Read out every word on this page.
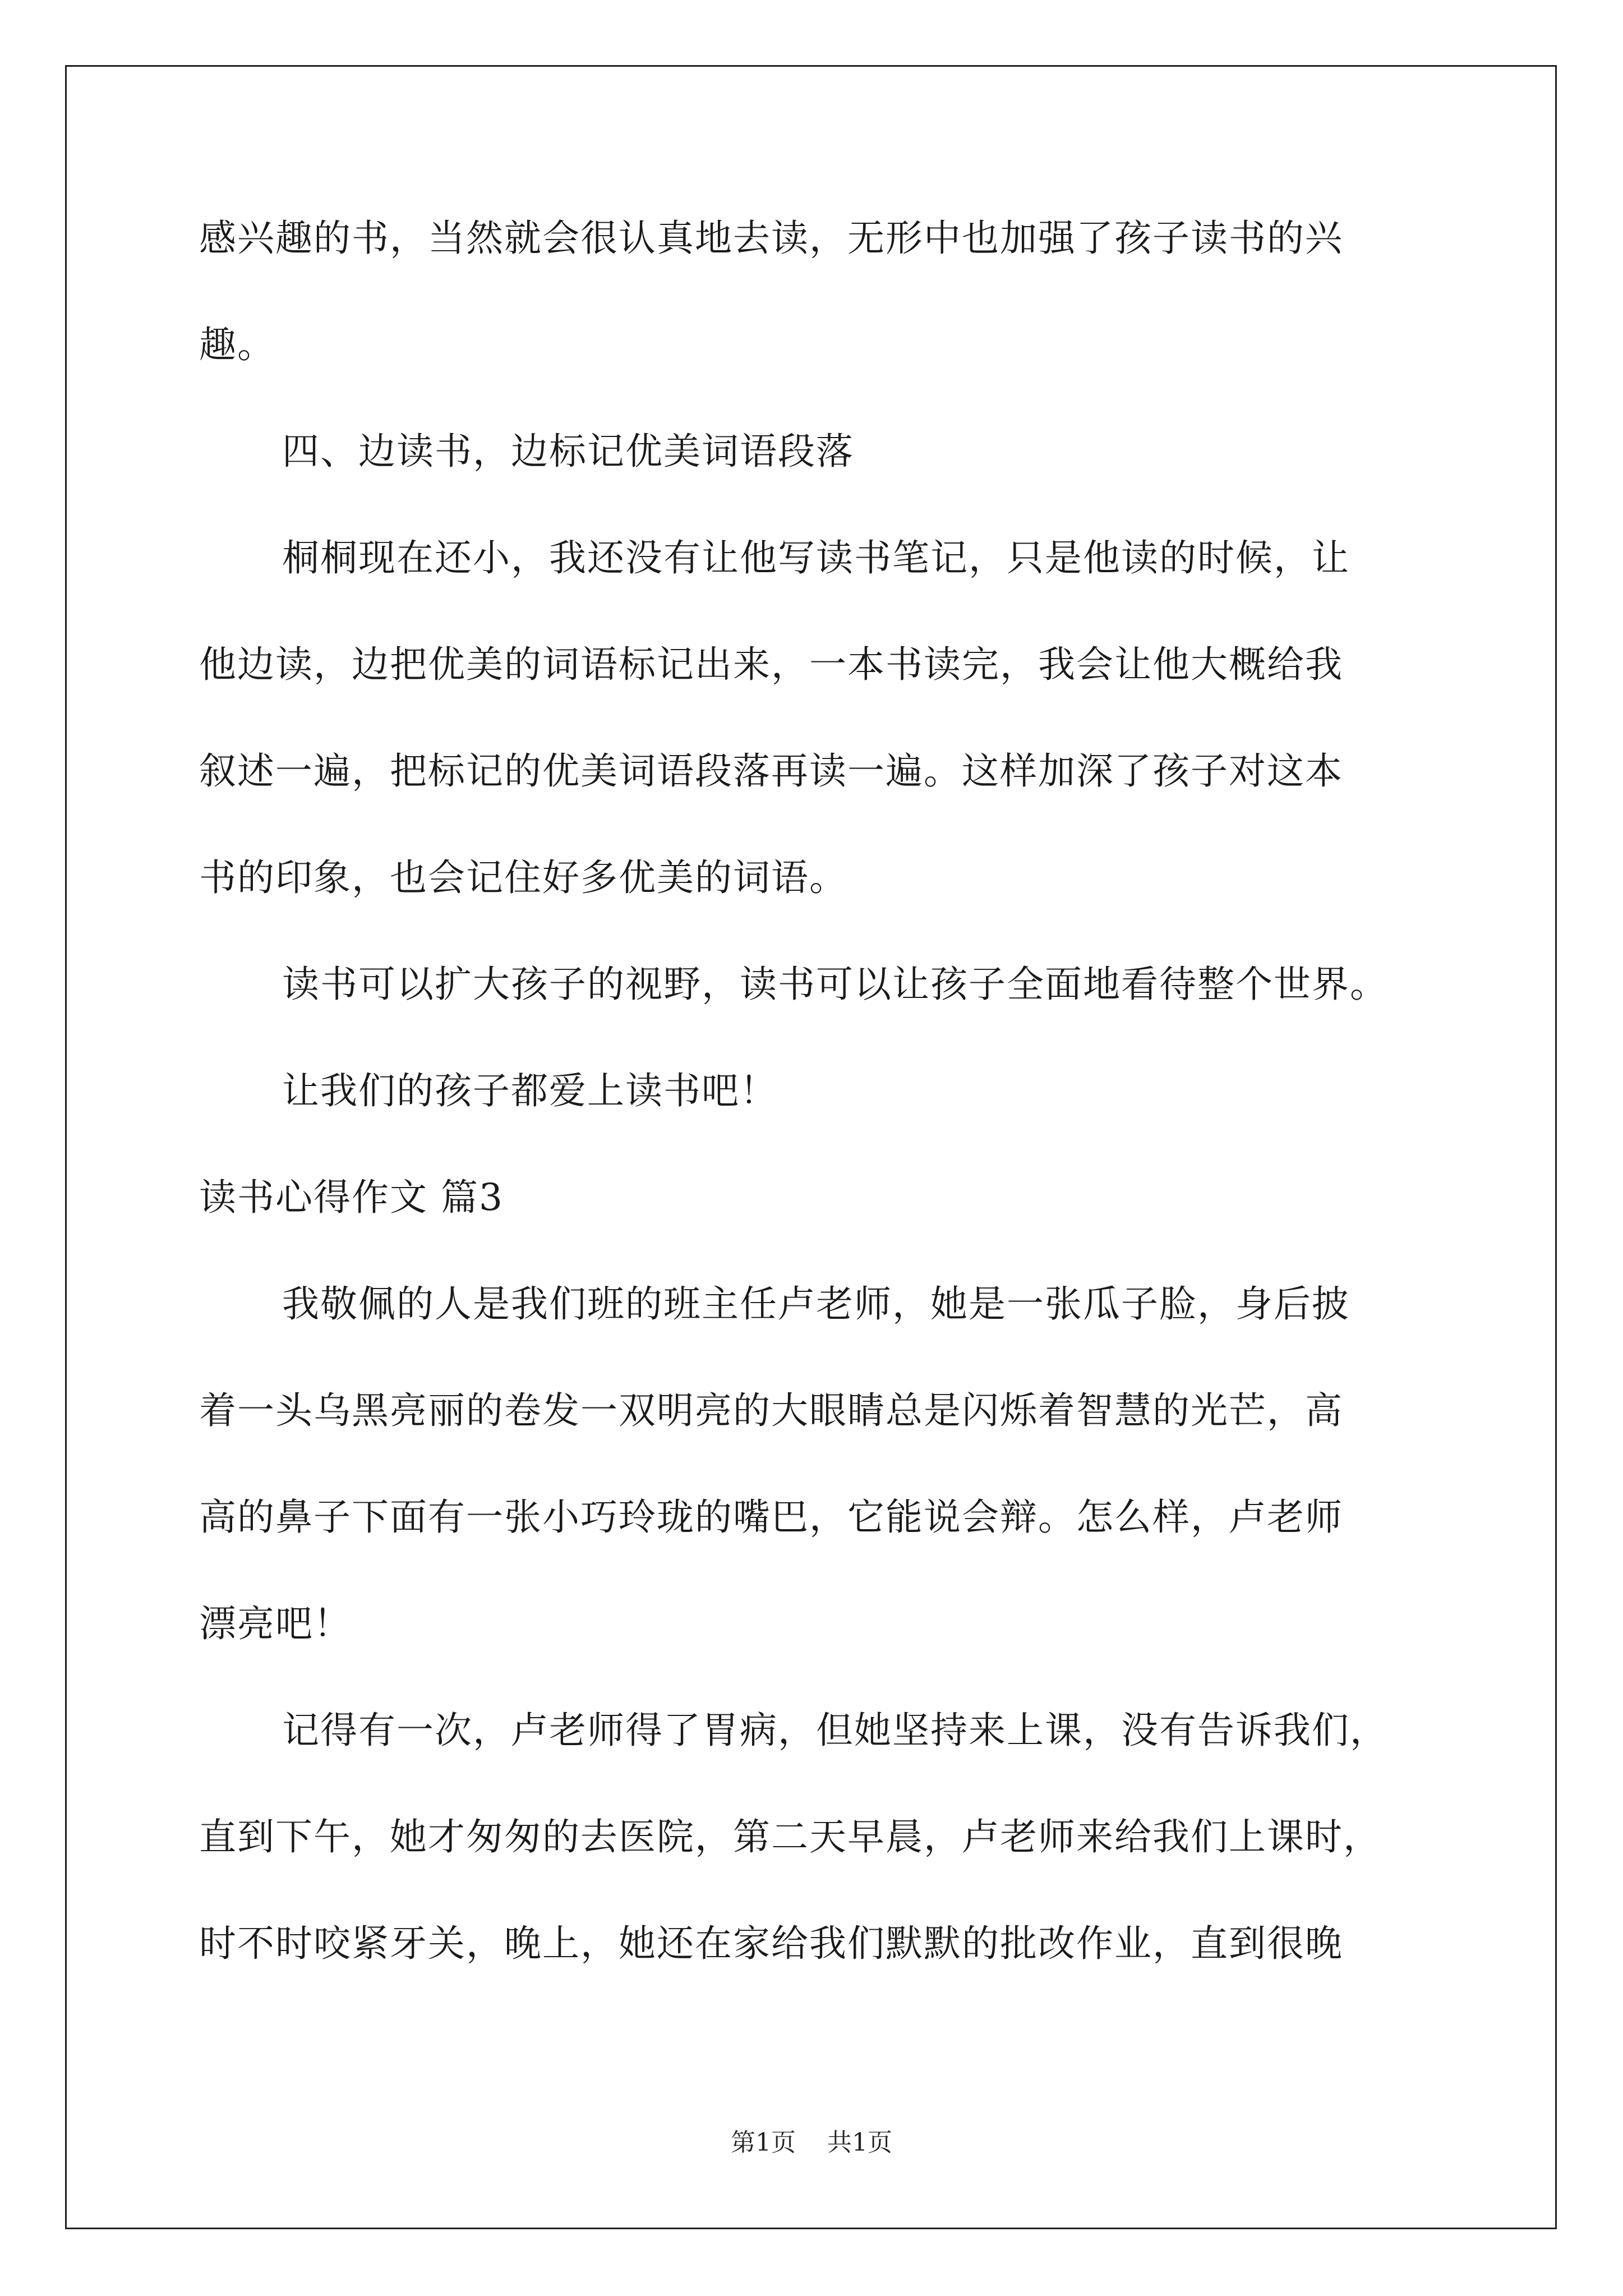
感兴趣的书，当然就会很认真地去读，无形中也加强了孩子读书的兴
趣。
四、边读书，边标记优美词语段落
桐桐现在还小，我还没有让他写读书笔记，只是他读的时候，让
他边读，边把优美的词语标记出来，一本书读完，我会让他大概给我
叙述一遍，把标记的优美词语段落再读一遍。这样加深了孩子对这本
书的印象，也会记住好多优美的词语。
读书可以扩大孩子的视野，读书可以让孩子全面地看待整个世界。
让我们的孩子都爱上读书吧！
读书心得作文 篇3
我敬佩的人是我们班的班主任卢老师，她是一张瓜子脸，身后披
着一头乌黑亮丽的卷发一双明亮的大眼睛总是闪烁着智慧的光芒，高
高的鼻子下面有一张小巧玲珑的嘴巴，它能说会辩。怎么样，卢老师
漂亮吧！
记得有一次，卢老师得了胃病，但她坚持来上课，没有告诉我们，
直到下午，她才匆匆的去医院，第二天早晨，卢老师来给我们上课时，
时不时咬紧牙关，晚上，她还在家给我们默默的批改作业，直到很晚
第1页 共1页
